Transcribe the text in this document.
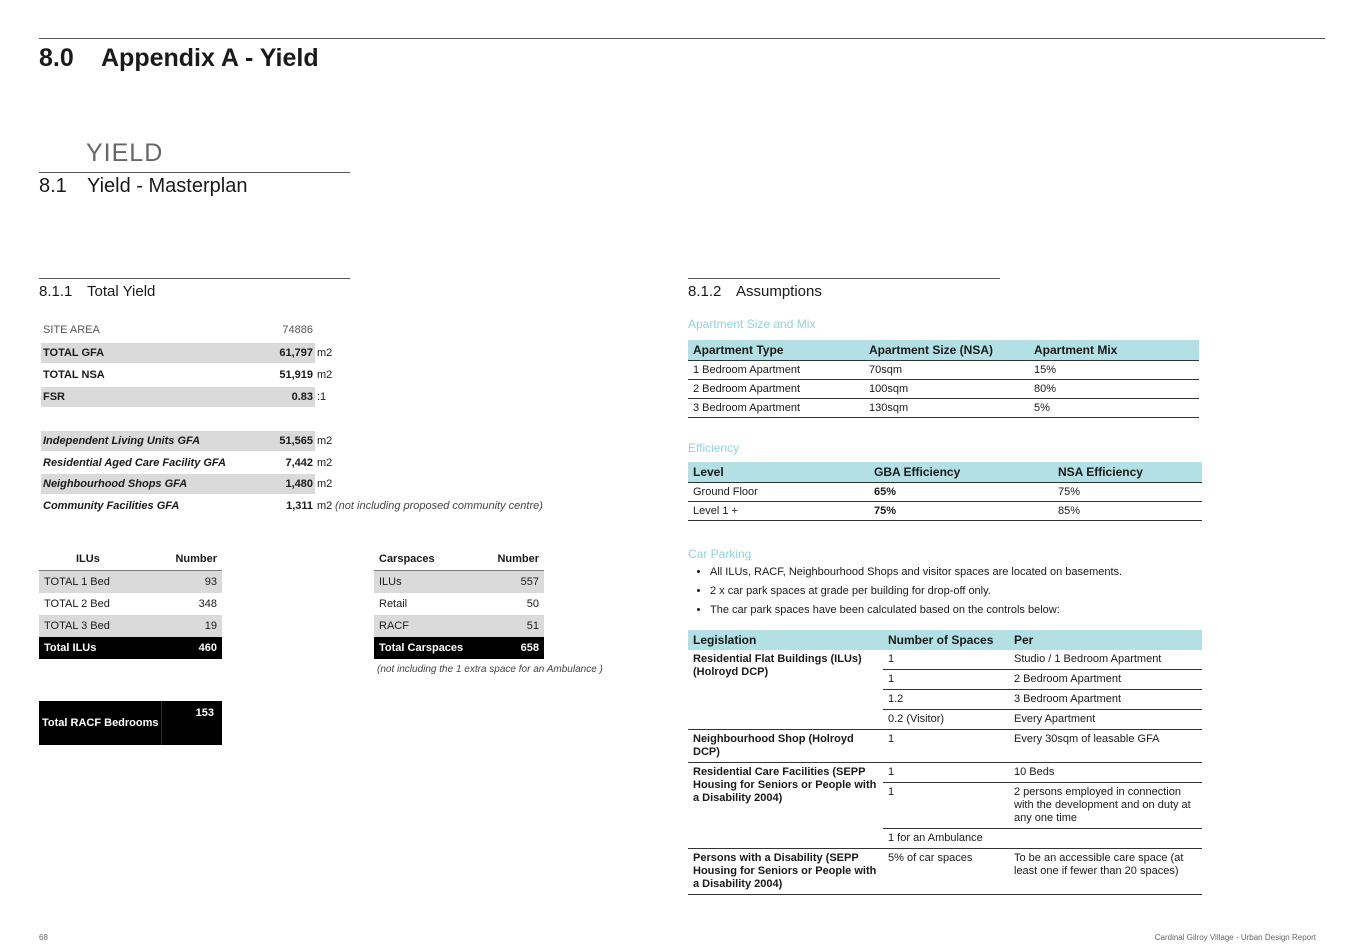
8.0 Appendix A - Yield
YIELD
8.1 Yield - Masterplan
8.1.1 Total Yield
SITE AREA	74886
TOTAL GFA	61,797 m2
TOTAL NSA	51,919 m2
FSR	0.83 :1
Independent Living Units GFA	51,565 m2
Residential Aged Care Facility GFA	7,442 m2
Neighbourhood Shops GFA	1,480 m2
Community Facilities GFA	1,311 m2 (not including proposed community centre)
ILUs	Number
TOTAL 1 Bed	93
TOTAL 2 Bed	348
TOTAL 3 Bed	19
Total ILUs	460
Carspaces	Number
ILUs	557
Retail	50
RACF	51
Total Carspaces	658
(not including the 1 extra space for an Ambulance )
Total RACF Bedrooms
153
8.1.2 Assumptions
Apartment Size and Mix
Apartment Type	Apartment Size (NSA)	Apartment Mix
1 Bedroom Apartment	70sqm	15%
2 Bedroom Apartment	100sqm	80%
3 Bedroom Apartment	130sqm	5%
Efficiency
Level	GBA Efficiency	NSA Efficiency
Ground Floor	65%	75%
Level 1 +	75%	85%
Car Parking
• All ILUs, RACF, Neighbourhood Shops and visitor spaces are located on basements.
• 2 x car park spaces at grade per building for drop-off only.
• The car park spaces have been calculated based on the controls below:
Legislation	Number of Spaces	Per
Residential Flat Buildings (ILUs) (Holroyd DCP)	1	Studio / 1 Bedroom Apartment
	1	2 Bedroom Apartment
	1.2	3 Bedroom Apartment
	0.2 (Visitor)	Every Apartment
Neighbourhood Shop (Holroyd DCP)	1	Every 30sqm of leasable GFA
Residential Care Facilities (SEPP Housing for Seniors or People with a Disability 2004)	1	10 Beds
	1	2 persons employed in connection with the development and on duty at any one time
	1 for an Ambulance	
Persons with a Disability (SEPP Housing for Seniors or People with a Disability 2004)	5% of car spaces	To be an accessible care space (at least one if fewer than 20 spaces)
68	Cardinal Gilroy Village - Urban Design Report
